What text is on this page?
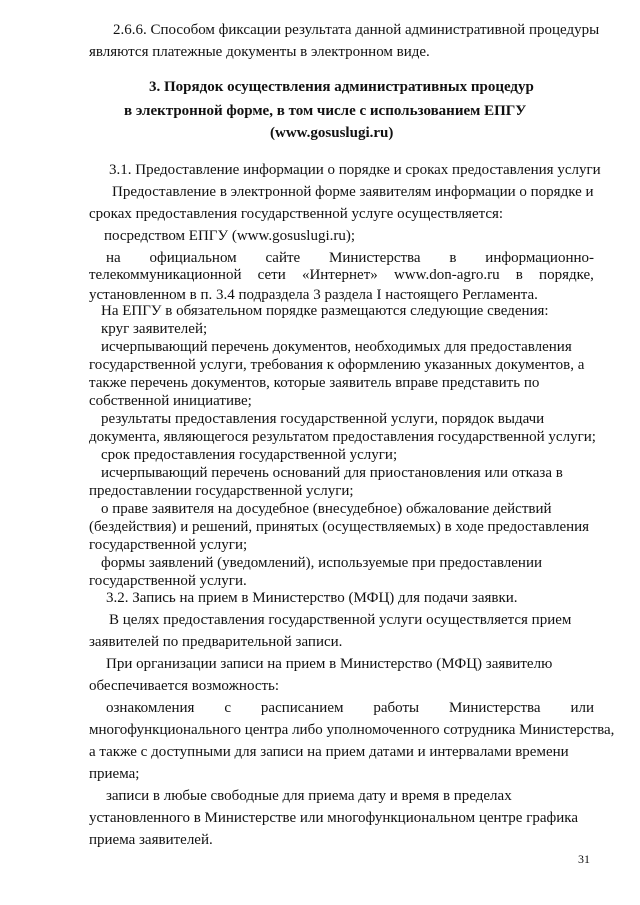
2.6.6. Способом фиксации результата данной административной процедуры
являются платежные документы в электронном виде.
3. Порядок осуществления административных процедур
в электронной форме, в том числе с использованием ЕПГУ
(www.gosuslugi.ru)
3.1. Предоставление информации о порядке и сроках предоставления услуги
Предоставление в электронной форме заявителям информации о порядке и
сроках предоставления государственной услуге осуществляется:
посредством ЕПГУ (www.gosuslugi.ru);
на официальном сайте Министерства в информационно-
телекоммуникационной сети «Интернет» www.don-agro.ru в порядке,
установленном в п. 3.4 подраздела 3 раздела I настоящего Регламента.
На ЕПГУ в обязательном порядке размещаются следующие сведения:
круг заявителей;
исчерпывающий перечень документов, необходимых для предоставления
государственной услуги, требования к оформлению указанных документов, а
также перечень документов, которые заявитель вправе представить по
собственной инициативе;
результаты предоставления государственной услуги, порядок выдачи
документа, являющегося результатом предоставления государственной услуги;
срок предоставления государственной услуги;
исчерпывающий перечень оснований для приостановления или отказа в
предоставлении государственной услуги;
о праве заявителя на досудебное (внесудебное) обжалование действий
(бездействия) и решений, принятых (осуществляемых) в ходе предоставления
государственной услуги;
формы заявлений (уведомлений), используемые при предоставлении
государственной услуги.
3.2. Запись на прием в Министерство (МФЦ) для подачи заявки.
В целях предоставления государственной услуги осуществляется прием
заявителей по предварительной записи.
При организации записи на прием в Министерство (МФЦ) заявителю
обеспечивается возможность:
ознакомления с расписанием работы Министерства или
многофункционального центра либо уполномоченного сотрудника Министерства,
а также с доступными для записи на прием датами и интервалами времени
приема;
записи в любые свободные для приема дату и время в пределах
установленного в Министерстве или многофункциональном центре графика
приема заявителей.
31
